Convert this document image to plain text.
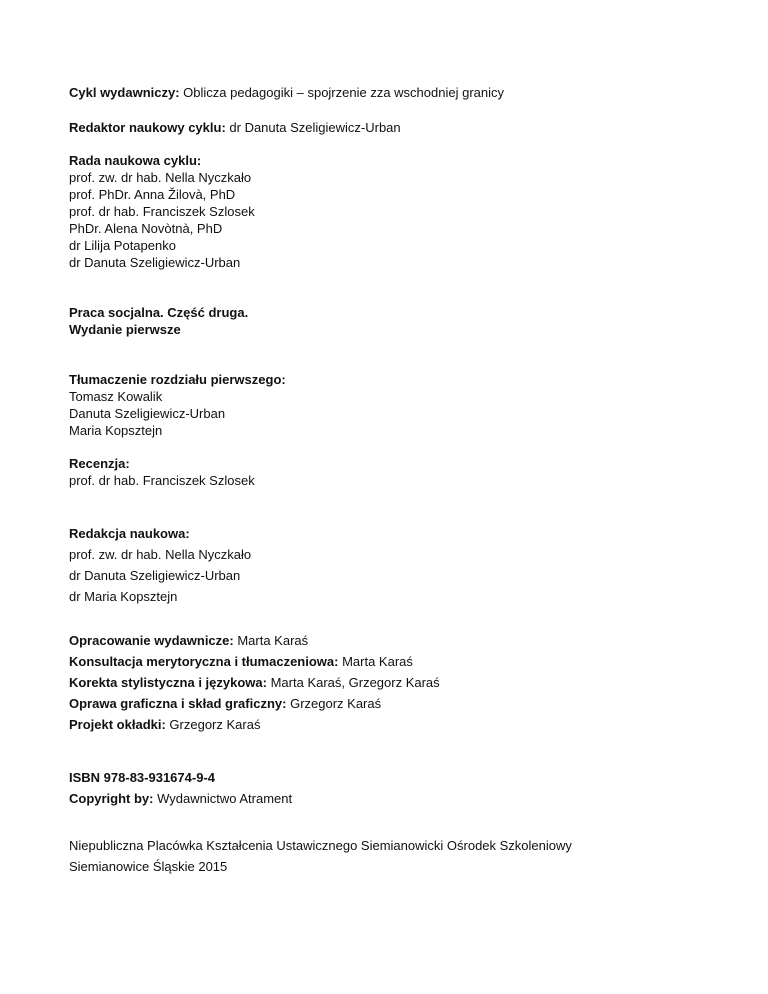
Cykl wydawniczy: Oblicza pedagogiki – spojrzenie zza wschodniej granicy
Redaktor naukowy cyklu: dr Danuta Szeligiewicz-Urban
Rada naukowa cyklu:
prof. zw. dr hab. Nella Nyczkało
prof. PhDr. Anna Žilovà, PhD
prof. dr hab. Franciszek Szlosek
PhDr. Alena Novòtnà, PhD
dr Lilija Potapenko
dr Danuta Szeligiewicz-Urban
Praca socjalna. Część druga.
Wydanie pierwsze
Tłumaczenie rozdziału pierwszego:
Tomasz Kowalik
Danuta Szeligiewicz-Urban
Maria Kopsztejn
Recenzja:
prof. dr hab. Franciszek Szlosek
Redakcja naukowa:
prof. zw. dr hab. Nella Nyczkało
dr Danuta Szeligiewicz-Urban
dr Maria Kopsztejn
Opracowanie wydawnicze: Marta Karaś
Konsultacja merytoryczna i tłumaczeniowa: Marta Karaś
Korekta stylistyczna i językowa: Marta Karaś, Grzegorz Karaś
Oprawa graficzna i skład graficzny: Grzegorz Karaś
Projekt okładki: Grzegorz Karaś
ISBN 978-83-931674-9-4
Copyright by: Wydawnictwo Atrament
Niepubliczna Placówka Kształcenia Ustawicznego Siemianowicki Ośrodek Szkoleniowy
Siemianowice Śląskie 2015
